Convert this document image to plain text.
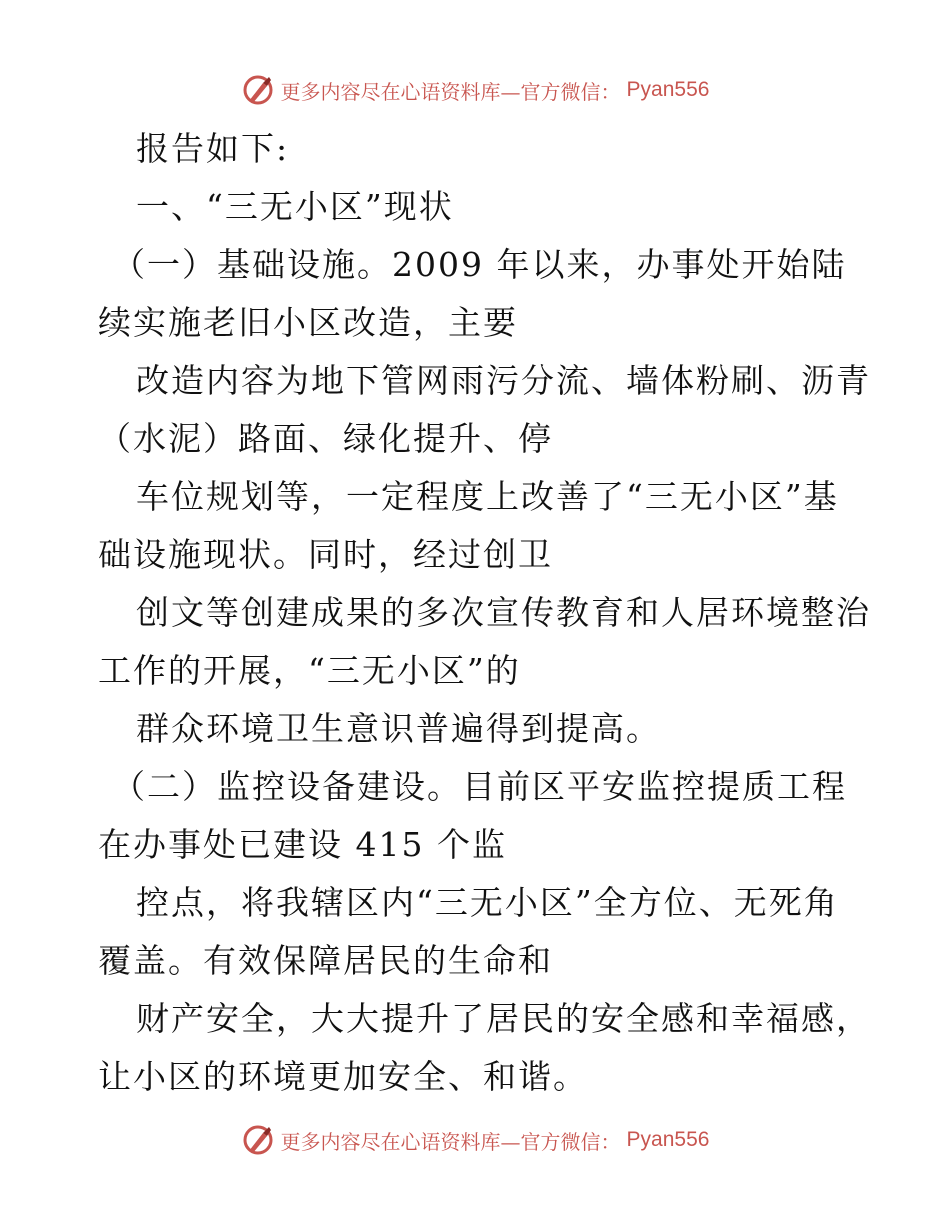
更多内容尽在心语资料库—官方微信： Pyan556

报告如下:

一、“三无小区”现状

（一）基础设施。2009 年以来，办事处开始陆

续实施老旧小区改造，主要

改造内容为地下管网雨污分流、墙体粉刷、沥青

（水泥）路面、绿化提升、停

车位规划等，一定程度上改善了“三无小区”基

础设施现状。同时，经过创卫

创文等创建成果的多次宣传教育和人居环境整治

工作的开展，“三无小区”的

群众环境卫生意识普遍得到提高。

（二）监控设备建设。目前区平安监控提质工程

在办事处已建设 415 个监

控点，将我辖区内“三无小区”全方位、无死角

覆盖。有效保障居民的生命和

财产安全，大大提升了居民的安全感和幸福感，

让小区的环境更加安全、和谐。

更多内容尽在心语资料库—官方微信： Pyan556
